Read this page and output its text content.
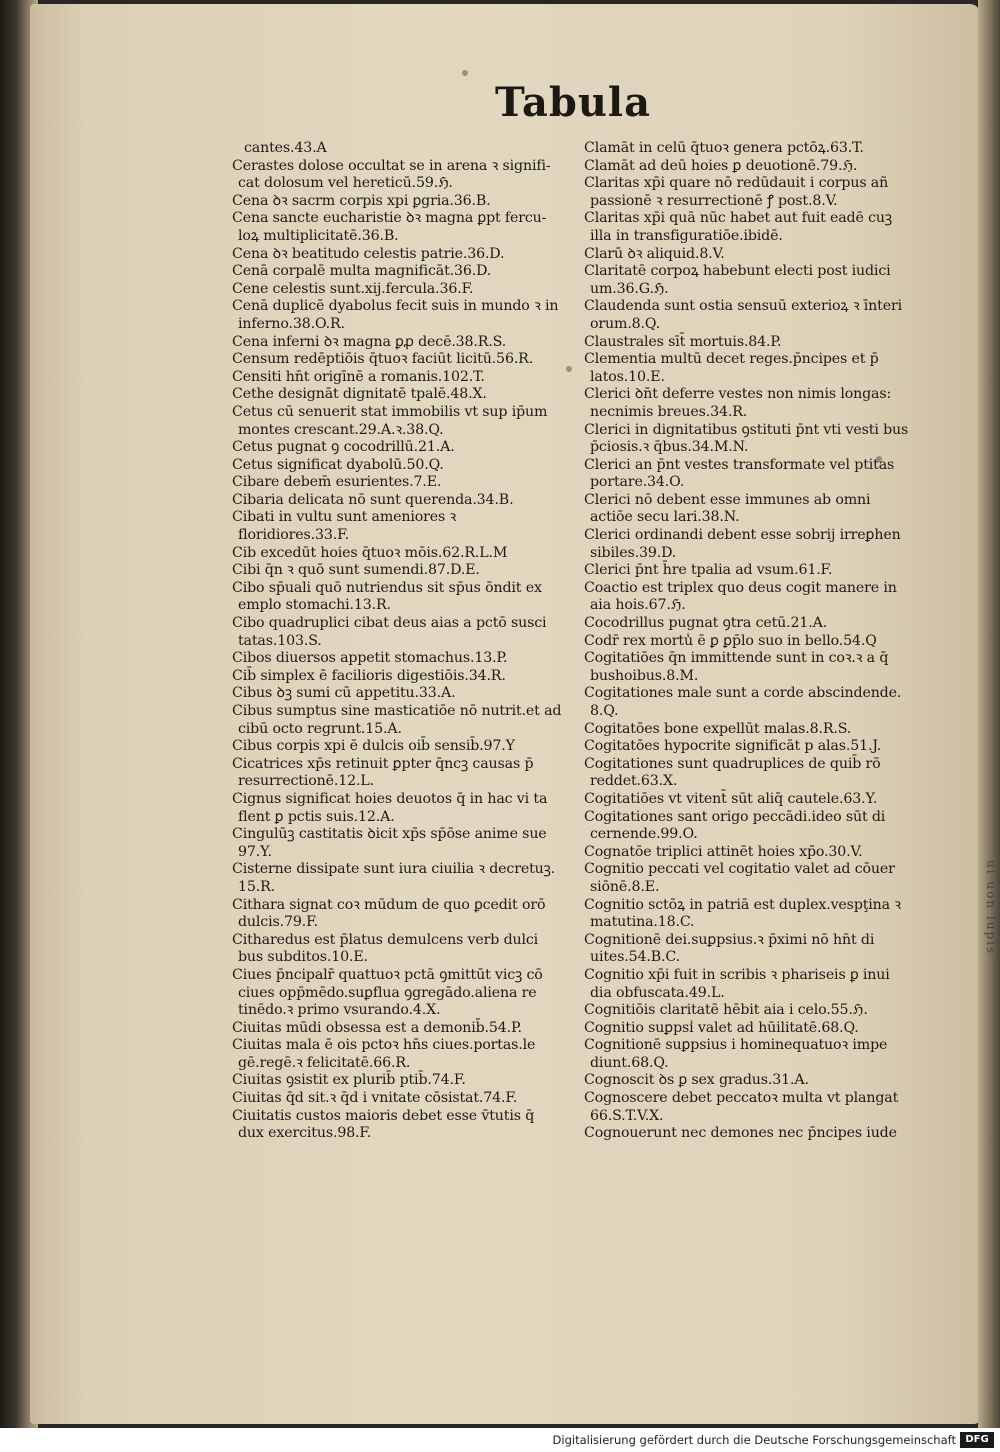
ui uon lupis
Tabula

cantes.43.A

Cerastes dolose occultat se in arena ꝛ signifi-cat dolosum vel hereticū.59.ℌ.

Cena ꝺꝛ sacrm corpis xpi ꝑgria.36.B.

Cena sancte eucharistie ꝺꝛ magna ꝑpt fercu-loꝝ multiplicitatē.36.B.

Cena ꝺꝛ beatitudo celestis patrie.36.D.

Cenā corpalē multa magnificāt.36.D.

Cene celestis sunt.xij.fercula.36.F.

Cenā duplicē dyabolus fecit suis in mundo ꝛ in inferno.38.O.R.

Cena inferni ꝺꝛ magna ꝑꝓ decē.38.R.S.

Censum redēptiōis q̄tuoꝛ faciūt licitū.56.R.

Censiti hn̄t origīnē a romanis.102.T.

Cethe designāt dignitatē tpalē.48.X.

Cetus cū senuerit stat immobilis vt sup ip̄um montes crescant.29.A.ꝛ.38.Q.

Cetus pugnat ꝯ cocodrillū.21.A.

Cetus significat dyabolū.50.Q.

Cibare debem̄ esurientes.7.E.

Cibaria delicata nō sunt querenda.34.B.

Cibati in vultu sunt ameniores ꝛ floridiores.33.F.

Cib excedūt hoies q̄tuoꝛ mōis.62.R.L.M

Cibi q̄n ꝛ quō sunt sumendi.87.D.E.

Cibo sp̄uali quō nutriendus sit sp̄us ōndit ex emplo stomachi.13.R.

Cibo quadruplici cibat deus aias a pctō susci tatas.103.S.

Cibos diuersos appetit stomachus.13.P.

Cib̄ simplex ē facilioris digestiōis.34.R.

Cibus ꝺꝫ sumi cū appetitu.33.A.

Cibus sumptus sine masticatiōe nō nutrit.et ad cibū octo regrunt.15.A.

Cibus corpis xpi ē dulcis oib̄ sensib̄.97.Y

Cicatrices xp̄s retinuit ꝑpter q̄ncꝫ causas p̄ resurrectionē.12.L.

Cignus significat hoies deuotos q̄ in hac vi ta flent ꝑ pctis suis.12.A.

Cingulūꝫ castitatis ꝺicit xp̄s sp̄ōse anime sue 97.Y.

Cisterne dissipate sunt iura ciuilia ꝛ decretuꝫ. 15.R.

Cithara signat coꝛ mūdum de quo ꝑcedit orō dulcis.79.F.

Citharedus est p̄latus demulcens verb dulci bus subditos.10.E.

Ciues p̄ncipalr̄ quattuoꝛ pctā ꝯmittūt vicꝫ cō ciues opp̄mēdo.suꝑflua ꝯgregādo.aliena re tinēdo.ꝛ primo vsurando.4.X.

Ciuitas mūdi obsessa est a demonib̄.54.P.

Ciuitas mala ē ois pctoꝛ hn̄s ciues.portas.le gē.regē.ꝛ felicitatē.66.R.

Ciuitas ꝯsistit ex plurib̄ ptib̄.74.F.

Ciuitas q̄d sit.ꝛ q̄d i vnitate cōsistat.74.F.

Ciuitatis custos maioris debet esse v̄tutis q̄ dux exercitus.98.F.

Clamāt in celū q̄tuoꝛ genera pctōꝝ.63.T.

Clamāt ad deū hoies ꝑ deuotionē.79.ℌ.

Claritas xp̄i quare nō redūdauit i corpus añ passionē ꝛ resurrectionē ꝭ post.8.V.

Claritas xp̄i quā nūc habet aut fuit eadē cuꝫ illa in transfiguratiōe.ibidē.

Clarū ꝺꝛ aliquid.8.V.

Claritatē corpoꝝ habebunt electi post iudici um.36.G.ℌ.

Claudenda sunt ostia sensuū exterioꝝ ꝛ īnteri orum.8.Q.

Claustrales sīt̄ mortuis.84.P.

Clementia multū decet reges.p̄ncipes et p̄ latos.10.E.

Clerici ꝺn̄t deferre vestes non nimis longas: necnimis breues.34.R.

Clerici in dignitatibus ꝯstituti p̄nt vti vesti bus p̄ciosis.ꝛ q̄bus.34.M.N.

Clerici an p̄nt vestes transformate vel ptitas portare.34.O.

Clerici nō debent esse immunes ab omni actiōe secu lari.38.N.

Clerici ordinandi debent esse sobrij irreꝑhen sibiles.39.D.

Clerici p̄nt h̄re tpalia ad vsum.61.F.

Coactio est triplex quo deus cogit manere in aia hois.67.ℌ.

Cocodrillus pugnat ꝯtra cetū.21.A.

Codr̄ rex mortu̾ ē ꝑ ꝑp̄lo suo in bello.54.Q

Cogitatiōes q̄n immittende sunt in coꝛ.ꝛ a q̄ bushoibus.8.M.

Cogitationes male sunt a corde abscindende. 8.Q.

Cogitatōes bone expellūt malas.8.R.S.

Cogitatōes hypocrite significāt p alas.51.J.

Cogitationes sunt quadruplices de quib̄ rō reddet.63.X.

Cogitatiōes vt vitent̄ sūt aliq̄ cautele.63.Y.

Cogitationes sant origo peccādi.ideo sūt di cernende.99.O.

Cognatōe triplici attinēt hoies xp̄o.30.V.

Cognitio peccati vel cogitatio valet ad cōuer siōnē.8.E.

Cognitio sctōꝝ in patriā est duplex.vespţina ꝛ matutina.18.C.

Cognitionē dei.suꝑpsius.ꝛ p̄ximi nō hn̄t di uites.54.B.C.

Cognitio xp̄i fuit in scribis ꝛ phariseis ꝑ inui dia obfuscata.49.L.

Cognitiōis claritatē hēbit aia i celo.55.ℌ.

Cognitio suꝑpsi̾ valet ad hūilitatē.68.Q.

Cognitionē suꝑpsius i hominequatuoꝛ impe diunt.68.Q.

Cognoscit ꝺs ꝑ sex gradus.31.A.

Cognoscere debet peccatoꝛ multa vt plangat 66.S.T.V.X.

Cognouerunt nec demones nec p̄ncipes iude

Digitalisierung gefördert durch die Deutsche Forschungsgemeinschaft DFG
